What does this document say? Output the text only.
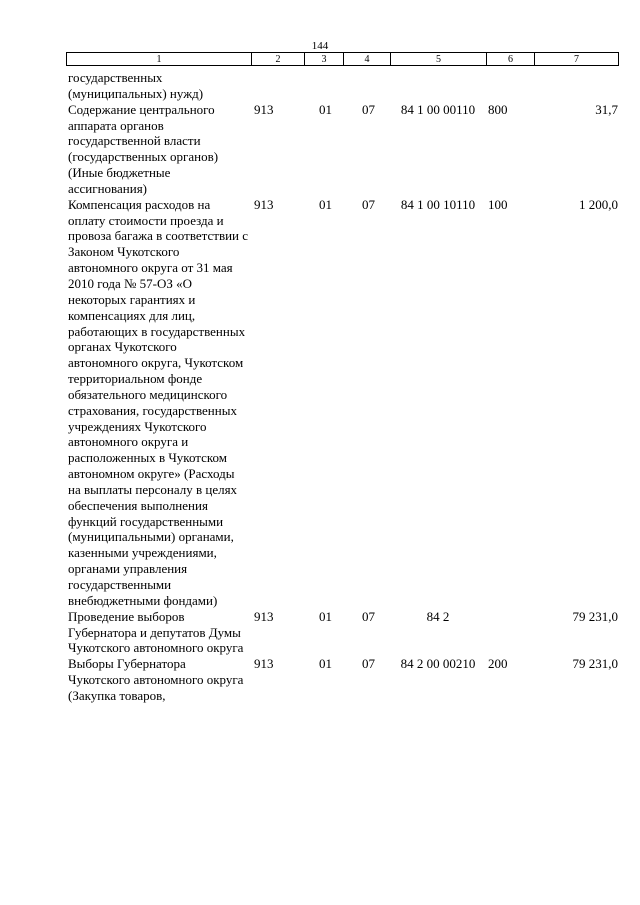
144
1	2	3	4	5	6	7
государственных (муниципальных) нужд)						
Содержание центрального аппарата органов государственной власти (государственных органов) (Иные бюджетные ассигнования)	913	01	07	84 1 00 00110	800	31,7
Компенсация расходов на оплату стоимости проезда и провоза багажа в соответствии с Законом Чукотского автономного округа от 31 мая 2010 года № 57-ОЗ «О некоторых гарантиях и компенсациях для лиц, работающих в государственных органах Чукотского автономного округа, Чукотском территориальном фонде обязательного медицинского страхования, государственных учреждениях Чукотского автономного округа и расположенных в Чукотском автономном округе» (Расходы на выплаты персоналу в целях обеспечения выполнения функций государственными (муниципальными) органами, казенными учреждениями, органами управления государственными внебюджетными фондами)	913	01	07	84 1 00 10110	100	1 200,0
Проведение выборов Губернатора и депутатов Думы Чукотского автономного округа	913	01	07	84 2		79 231,0
Выборы Губернатора Чукотского автономного округа (Закупка товаров,	913	01	07	84 2 00 00210	200	79 231,0
